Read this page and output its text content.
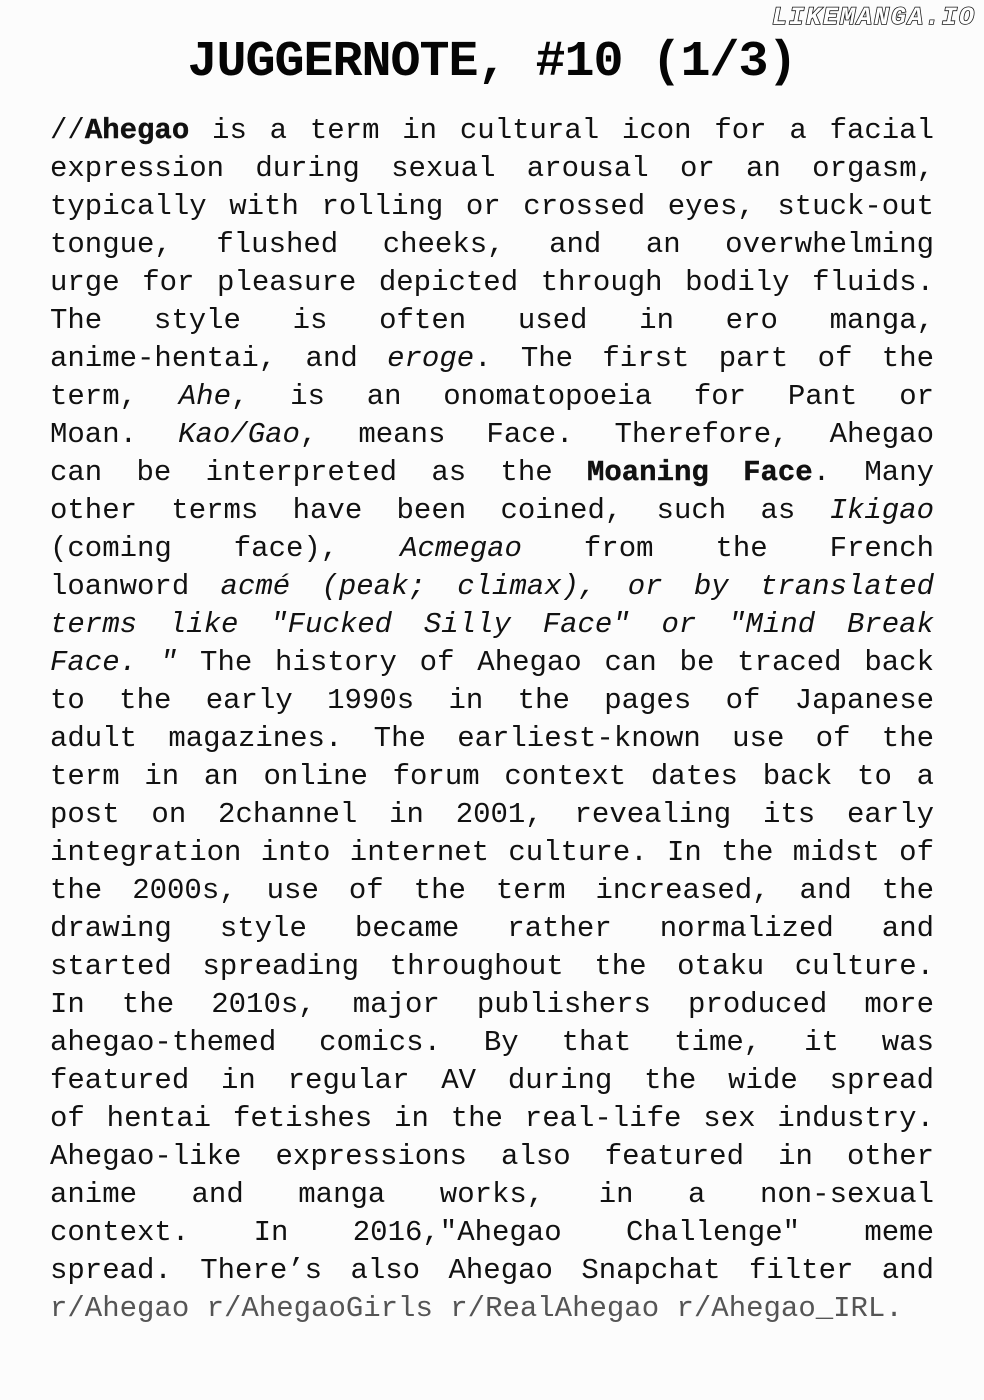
LIKEMANGA.IO
JUGGERNOTE, #10 (1/3)
//Ahegao is a term in cultural icon for a facial
expression during sexual arousal or an orgasm,
typically with rolling or crossed eyes, stuck-out
tongue, flushed cheeks, and an overwhelming
urge for pleasure depicted through bodily fluids.
The style is often used in ero manga,
anime-hentai, and eroge. The first part of the
term, Ahe, is an onomatopoeia for Pant or
Moan. Kao/Gao, means Face. Therefore, Ahegao
can be interpreted as the Moaning Face. Many
other terms have been coined, such as Ikigao
(coming face), Acmegao from the French
loanword acmé (peak; climax), or by translated
terms like "Fucked Silly Face" or "Mind Break
Face. " The history of Ahegao can be traced back
to the early 1990s in the pages of Japanese
adult magazines. The earliest-known use of the
term in an online forum context dates back to a
post on 2channel in 2001, revealing its early
integration into internet culture. In the midst of
the 2000s, use of the term increased, and the
drawing style became rather normalized and
started spreading throughout the otaku culture.
In the 2010s, major publishers produced more
ahegao-themed comics. By that time, it was
featured in regular AV during the wide spread
of hentai fetishes in the real-life sex industry.
Ahegao-like expressions also featured in other
anime and manga works, in a non-sexual
context. In 2016,"Ahegao Challenge" meme
spread. There’s also Ahegao Snapchat filter and
r/Ahegao r/AhegaoGirls r/RealAhegao r/Ahegao_IRL.
